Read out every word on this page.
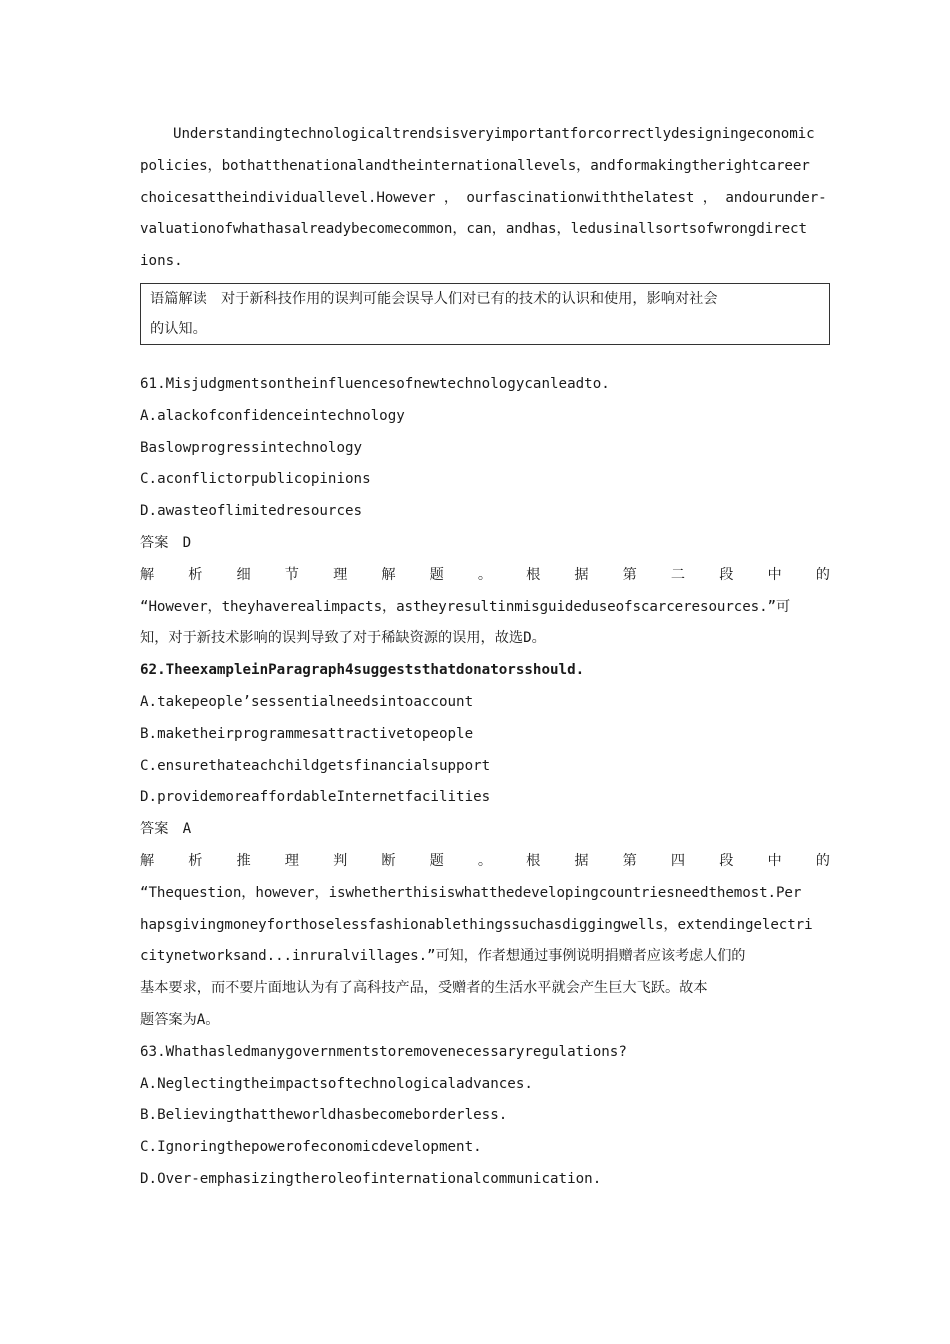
Understandingtechnologicaltrendsisveryimportantforcorrectlydesigningeconomic
policies，bothatthenationalandtheinternationallevels，andformakingtherightcareer
choicesattheindividuallevel.However ， ourfascinationwiththelatest ， andourunder-
valuationofwhathasalreadybecomecommon，can，andhas，ledusinallsortsofwrongdirect
ions.
语篇解读　对于新科技作用的误判可能会误导人们对已有的技术的认识和使用，影响对社会
的认知。
61.Misjudgmentsontheinfluencesofnewtechnologycanleadto.
A.alackofconfidenceintechnology
Baslowprogressintechnology
C.aconflictorpublicopinions
D.awasteoflimitedresources
答案　D
解 析 细 节 理 解 题 。 根 据 第 二 段 中 的
“However，theyhaverealimpacts，astheyresultinmisguideduseofscarceresources.”可
知，对于新技术影响的误判导致了对于稀缺资源的误用，故选D。
62.TheexampleinParagraph4suggeststhatdonatorsshould.
A.takepeople’sessentialneedsintoaccount
B.maketheirprogrammesattractivetopeople
C.ensurethateachchildgetsfinancialsupport
D.providemoreaffordableInternetfacilities
答案　A
解 析 推 理 判 断 题 。 根 据 第 四 段 中 的
“Thequestion，however，iswhetherthisiswhatthedevelopingcountriesneedthemost.Per
hapsgivingmoneyforthoselessfashionablethingssuchasdiggingwells，extendingelectri
citynetworksand...inruralvillages.”可知，作者想通过事例说明捐赠者应该考虑人们的
基本要求，而不要片面地认为有了高科技产品，受赠者的生活水平就会产生巨大飞跃。故本
题答案为A。
63.Whathasledmanygovernmentstoremovenecessaryregulations?
A.Neglectingtheimpactsoftechnologicaladvances.
B.Believingthattheworldhasbecomeborderless.
C.Ignoringthepowerofeconomicdevelopment.
D.Over-emphasizingtheroleofinternationalcommunication.
